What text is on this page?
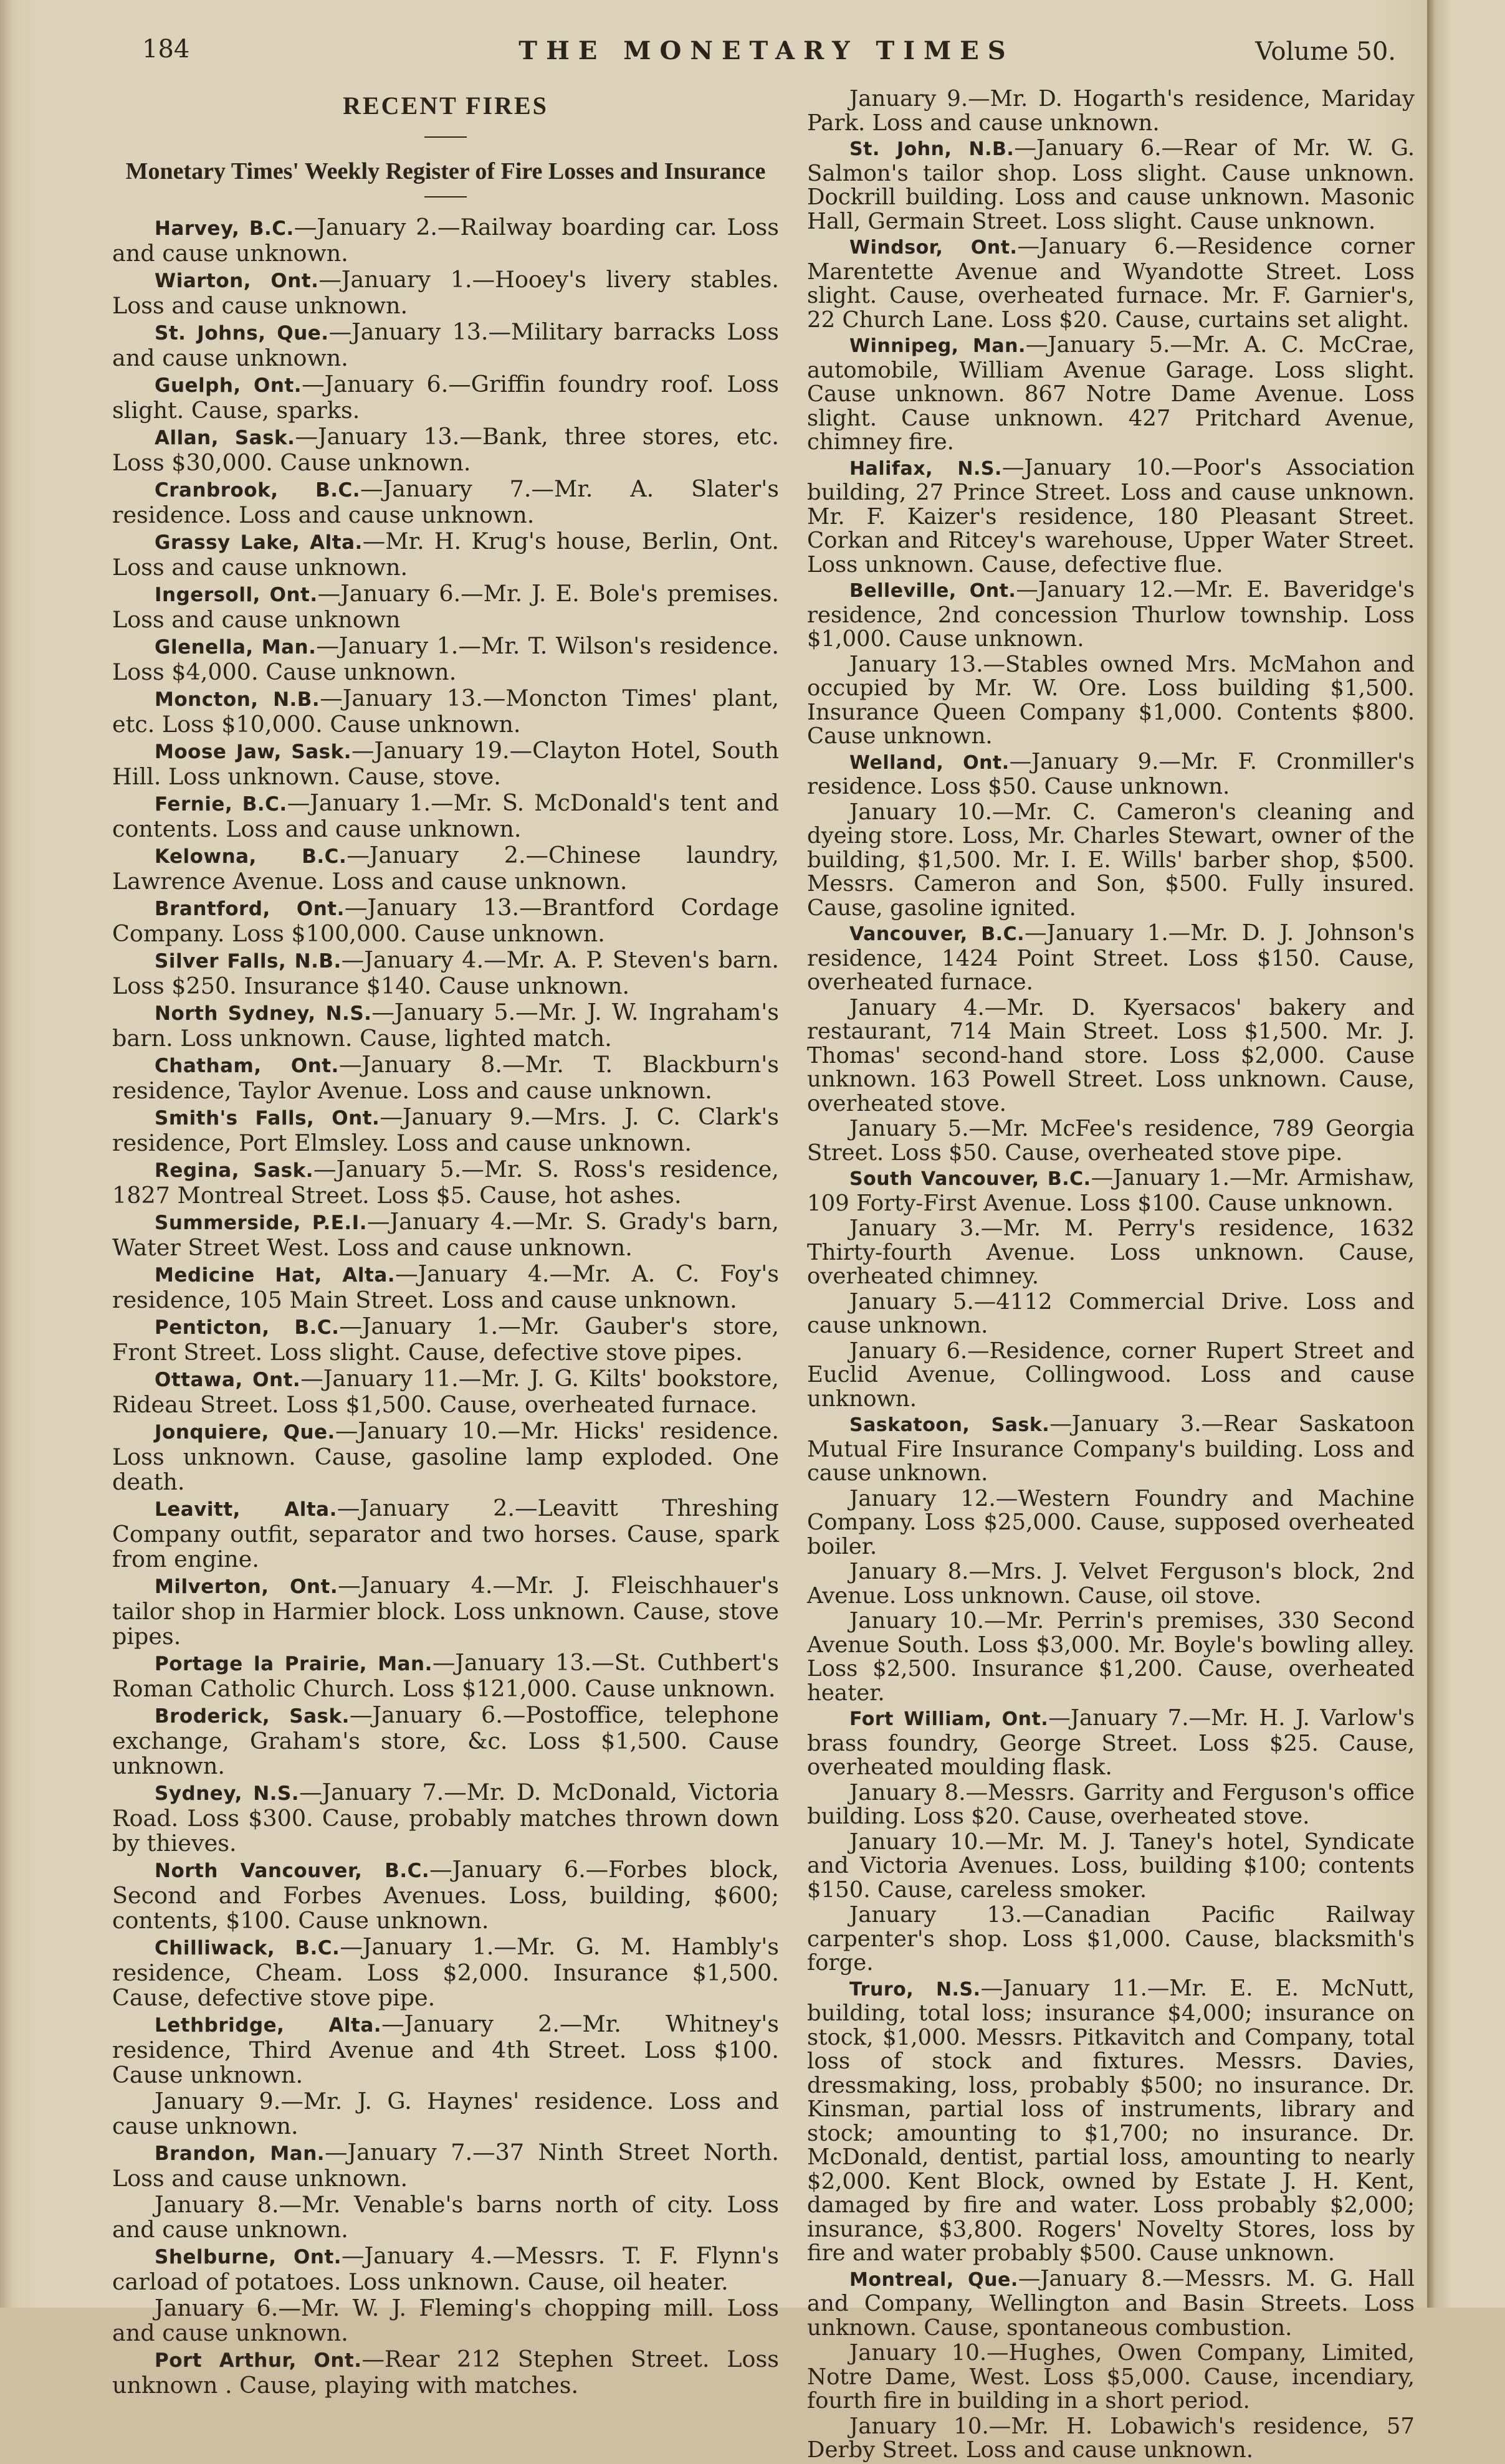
184	THE MONETARY TIMES	Volume 50.
RECENT FIRES
Monetary Times' Weekly Register of Fire Losses and Insurance

Harvey, B.C.—January 2.—Railway boarding car. Loss and cause unknown.

Wiarton, Ont.—January 1.—Hooey's livery stables. Loss and cause unknown.

St. Johns, Que.—January 13.—Military barracks Loss and cause unknown.

Guelph, Ont.—January 6.—Griffin foundry roof. Loss slight. Cause, sparks.

Allan, Sask.—January 13.—Bank, three stores, etc. Loss $30,000. Cause unknown.

Cranbrook, B.C.—January 7.—Mr. A. Slater's residence. Loss and cause unknown.

Grassy Lake, Alta.—Mr. H. Krug's house, Berlin, Ont. Loss and cause unknown.

Ingersoll, Ont.—January 6.—Mr. J. E. Bole's premises. Loss and cause unknown

Glenella, Man.—January 1.—Mr. T. Wilson's residence. Loss $4,000. Cause unknown.

Moncton, N.B.—January 13.—Moncton Times' plant, etc. Loss $10,000. Cause unknown.

Moose Jaw, Sask.—January 19.—Clayton Hotel, South Hill. Loss unknown. Cause, stove.

Fernie, B.C.—January 1.—Mr. S. McDonald's tent and contents. Loss and cause unknown.

Kelowna, B.C.—January 2.—Chinese laundry, Lawrence Avenue. Loss and cause unknown.

Brantford, Ont.—January 13.—Brantford Cordage Company. Loss $100,000. Cause unknown.

Silver Falls, N.B.—January 4.—Mr. A. P. Steven's barn. Loss $250. Insurance $140. Cause unknown.

North Sydney, N.S.—January 5.—Mr. J. W. Ingraham's barn. Loss unknown. Cause, lighted match.

Chatham, Ont.—January 8.—Mr. T. Blackburn's residence, Taylor Avenue. Loss and cause unknown.

Smith's Falls, Ont.—January 9.—Mrs. J. C. Clark's residence, Port Elmsley. Loss and cause unknown.

Regina, Sask.—January 5.—Mr. S. Ross's residence, 1827 Montreal Street. Loss $5. Cause, hot ashes.

Summerside, P.E.I.—January 4.—Mr. S. Grady's barn, Water Street West. Loss and cause unknown.

Medicine Hat, Alta.—January 4.—Mr. A. C. Foy's residence, 105 Main Street. Loss and cause unknown.

Penticton, B.C.—January 1.—Mr. Gauber's store, Front Street. Loss slight. Cause, defective stove pipes.

Ottawa, Ont.—January 11.—Mr. J. G. Kilts' bookstore, Rideau Street. Loss $1,500. Cause, overheated furnace.

Jonquiere, Que.—January 10.—Mr. Hicks' residence. Loss unknown. Cause, gasoline lamp exploded. One death.

Leavitt, Alta.—January 2.—Leavitt Threshing Company outfit, separator and two horses. Cause, spark from engine.

Milverton, Ont.—January 4.—Mr. J. Fleischhauer's tailor shop in Harmier block. Loss unknown. Cause, stove pipes.

Portage la Prairie, Man.—January 13.—St. Cuthbert's Roman Catholic Church. Loss $121,000. Cause unknown.

Broderick, Sask.—January 6.—Postoffice, telephone exchange, Graham's store, &c. Loss $1,500. Cause unknown.

Sydney, N.S.—January 7.—Mr. D. McDonald, Victoria Road. Loss $300. Cause, probably matches thrown down by thieves.

North Vancouver, B.C.—January 6.—Forbes block, Second and Forbes Avenues. Loss, building, $600; contents, $100. Cause unknown.

Chilliwack, B.C.—January 1.—Mr. G. M. Hambly's residence, Cheam. Loss $2,000. Insurance $1,500. Cause, defective stove pipe.

Lethbridge, Alta.—January 2.—Mr. Whitney's residence, Third Avenue and 4th Street. Loss $100. Cause unknown.

January 9.—Mr. J. G. Haynes' residence. Loss and cause unknown.

Brandon, Man.—January 7.—37 Ninth Street North. Loss and cause unknown.

January 8.—Mr. Venable's barns north of city. Loss and cause unknown.

Shelburne, Ont.—January 4.—Messrs. T. F. Flynn's carload of potatoes. Loss unknown. Cause, oil heater.

January 6.—Mr. W. J. Fleming's chopping mill. Loss and cause unknown.

Port Arthur, Ont.—Rear 212 Stephen Street. Loss unknown . Cause, playing with matches.

January 9.—Mr. D. Hogarth's residence, Mariday Park. Loss and cause unknown.

St. John, N.B.—January 6.—Rear of Mr. W. G. Salmon's tailor shop. Loss slight. Cause unknown. Dockrill building. Loss and cause unknown. Masonic Hall, Germain Street. Loss slight. Cause unknown.

Windsor, Ont.—January 6.—Residence corner Marentette Avenue and Wyandotte Street. Loss slight. Cause, overheated furnace. Mr. F. Garnier's, 22 Church Lane. Loss $20. Cause, curtains set alight.

Winnipeg, Man.—January 5.—Mr. A. C. McCrae, automobile, William Avenue Garage. Loss slight. Cause unknown. 867 Notre Dame Avenue. Loss slight. Cause unknown. 427 Pritchard Avenue, chimney fire.

Halifax, N.S.—January 10.—Poor's Association building, 27 Prince Street. Loss and cause unknown. Mr. F. Kaizer's residence, 180 Pleasant Street. Corkan and Ritcey's warehouse, Upper Water Street. Loss unknown. Cause, defective flue.

Belleville, Ont.—January 12.—Mr. E. Baveridge's residence, 2nd concession Thurlow township. Loss $1,000. Cause unknown.

January 13.—Stables owned Mrs. McMahon and occupied by Mr. W. Ore. Loss building $1,500. Insurance Queen Company $1,000. Contents $800. Cause unknown.

Welland, Ont.—January 9.—Mr. F. Cronmiller's residence. Loss $50. Cause unknown.

January 10.—Mr. C. Cameron's cleaning and dyeing store. Loss, Mr. Charles Stewart, owner of the building, $1,500. Mr. I. E. Wills' barber shop, $500. Messrs. Cameron and Son, $500. Fully insured. Cause, gasoline ignited.

Vancouver, B.C.—January 1.—Mr. D. J. Johnson's residence, 1424 Point Street. Loss $150. Cause, overheated furnace.

January 4.—Mr. D. Kyersacos' bakery and restaurant, 714 Main Street. Loss $1,500. Mr. J. Thomas' second-hand store. Loss $2,000. Cause unknown. 163 Powell Street. Loss unknown. Cause, overheated stove.

January 5.—Mr. McFee's residence, 789 Georgia Street. Loss $50. Cause, overheated stove pipe.

South Vancouver, B.C.—January 1.—Mr. Armishaw, 109 Forty-First Avenue. Loss $100. Cause unknown.

January 3.—Mr. M. Perry's residence, 1632 Thirty-fourth Avenue. Loss unknown. Cause, overheated chimney.

January 5.—4112 Commercial Drive. Loss and cause unknown.

January 6.—Residence, corner Rupert Street and Euclid Avenue, Collingwood. Loss and cause unknown.

Saskatoon, Sask.—January 3.—Rear Saskatoon Mutual Fire Insurance Company's building. Loss and cause unknown.

January 12.—Western Foundry and Machine Company. Loss $25,000. Cause, supposed overheated boiler.

January 8.—Mrs. J. Velvet Ferguson's block, 2nd Avenue. Loss unknown. Cause, oil stove.

January 10.—Mr. Perrin's premises, 330 Second Avenue South. Loss $3,000. Mr. Boyle's bowling alley. Loss $2,500. Insurance $1,200. Cause, overheated heater.

Fort William, Ont.—January 7.—Mr. H. J. Varlow's brass foundry, George Street. Loss $25. Cause, overheated moulding flask.

January 8.—Messrs. Garrity and Ferguson's office building. Loss $20. Cause, overheated stove.

January 10.—Mr. M. J. Taney's hotel, Syndicate and Victoria Avenues. Loss, building $100; contents $150. Cause, careless smoker.

January 13.—Canadian Pacific Railway carpenter's shop. Loss $1,000. Cause, blacksmith's forge.

Truro, N.S.—January 11.—Mr. E. E. McNutt, building, total loss; insurance $4,000; insurance on stock, $1,000. Messrs. Pitkavitch and Company, total loss of stock and fixtures. Messrs. Davies, dressmaking, loss, probably $500; no insurance. Dr. Kinsman, partial loss of instruments, library and stock; amounting to $1,700; no insurance. Dr. McDonald, dentist, partial loss, amounting to nearly $2,000. Kent Block, owned by Estate J. H. Kent, damaged by fire and water. Loss probably $2,000; insurance, $3,800. Rogers' Novelty Stores, loss by fire and water probably $500. Cause unknown.

Montreal, Que.—January 8.—Messrs. M. G. Hall and Company, Wellington and Basin Streets. Loss unknown. Cause, spontaneous combustion.

January 10.—Hughes, Owen Company, Limited, Notre Dame, West. Loss $5,000. Cause, incendiary, fourth fire in building in a short period.

January 10.—Mr. H. Lobawich's residence, 57 Derby Street. Loss and cause unknown.
